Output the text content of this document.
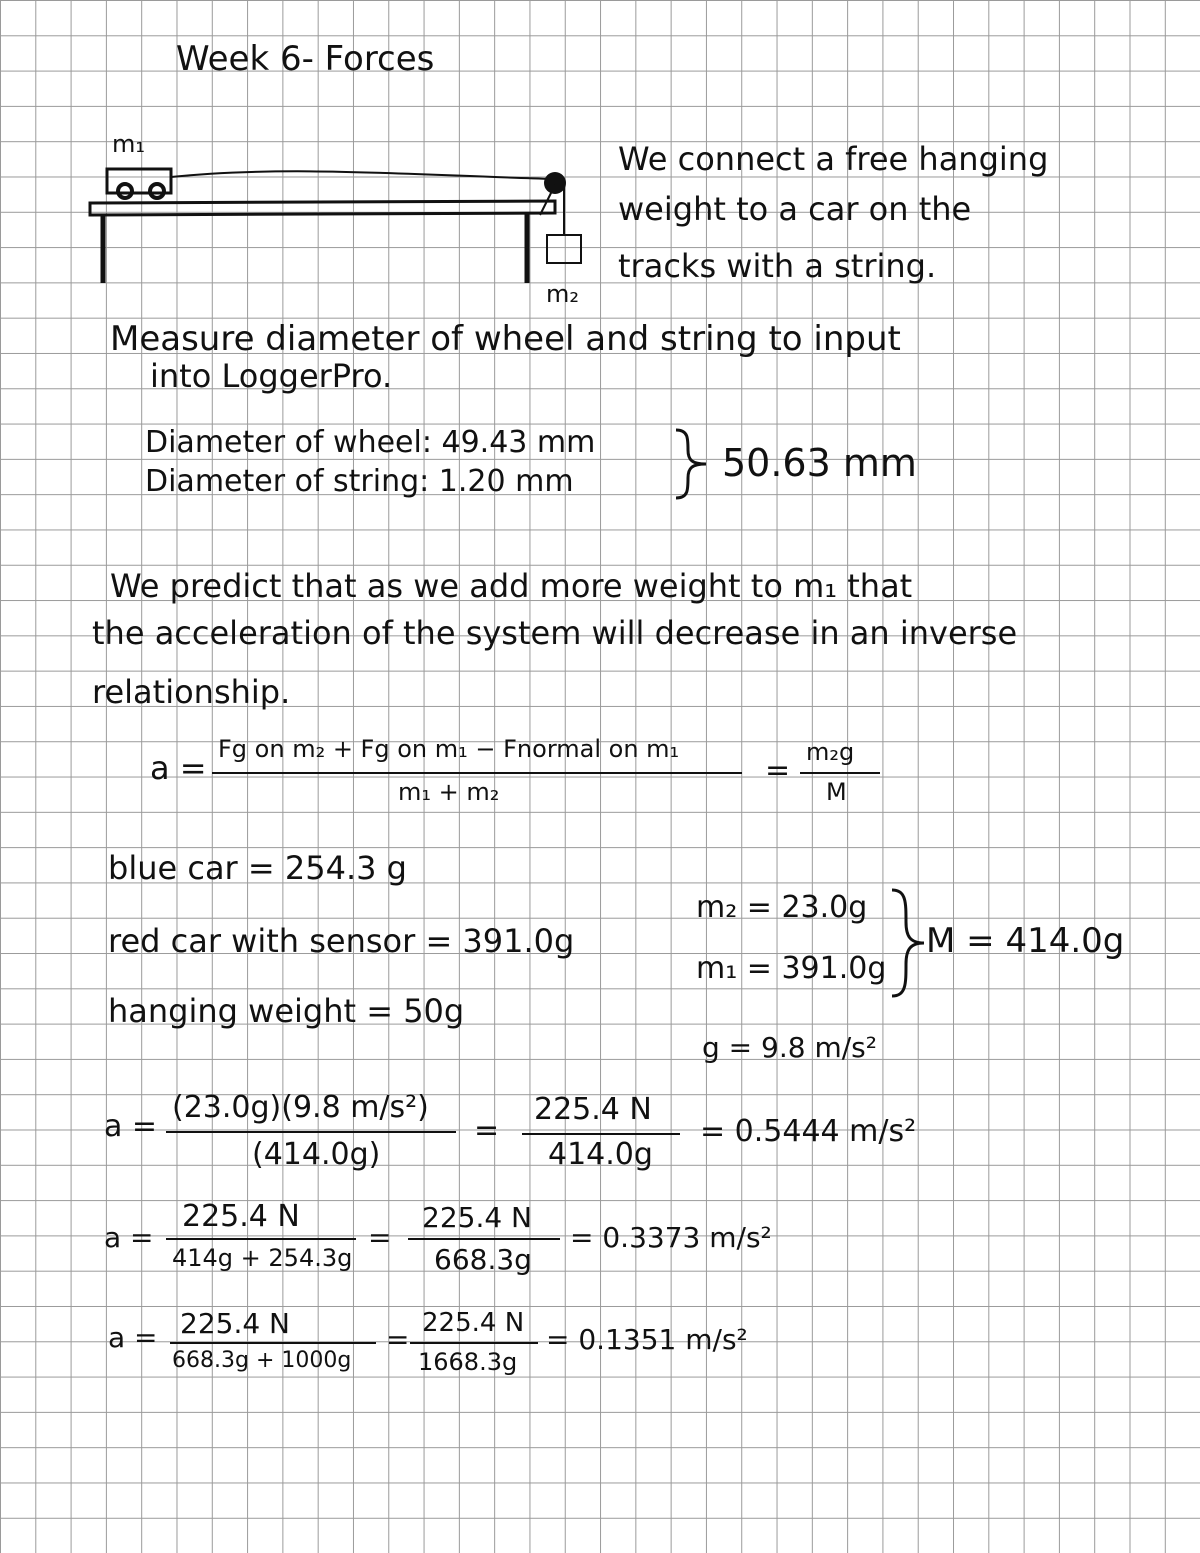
Week 6- Forces
m₁
m₂
We connect a free hanging
weight to a car on the
tracks with a string.
Measure diameter of wheel and string to input
into LoggerPro.
Diameter of wheel: 49.43 mm
Diameter of string: 1.20 mm	50.63 mm
We predict that as we add more weight to m₁ that
the acceleration of the system will decrease in an inverse
relationship.
a = Fg on m₂ + Fg on m₁ − Fnormal on m₁
m₁ + m₂
=
m₂g
M
blue car = 254.3 g
red car with sensor = 391.0g
hanging weight = 50g
m₂ = 23.0g
m₁ = 391.0g
M = 414.0g
g = 9.8 m/s²
a =
(23.0g)(9.8 m/s²)
(414.0g)
=
225.4 N
414.0g
= 0.5444 m/s²
a =
225.4 N
414g + 254.3g
=
225.4 N
668.3g
= 0.3373 m/s²
a = 225.4 N
668.3g + 1000g
= 225.4 N
1668.3g
= 0.1351 m/s²
